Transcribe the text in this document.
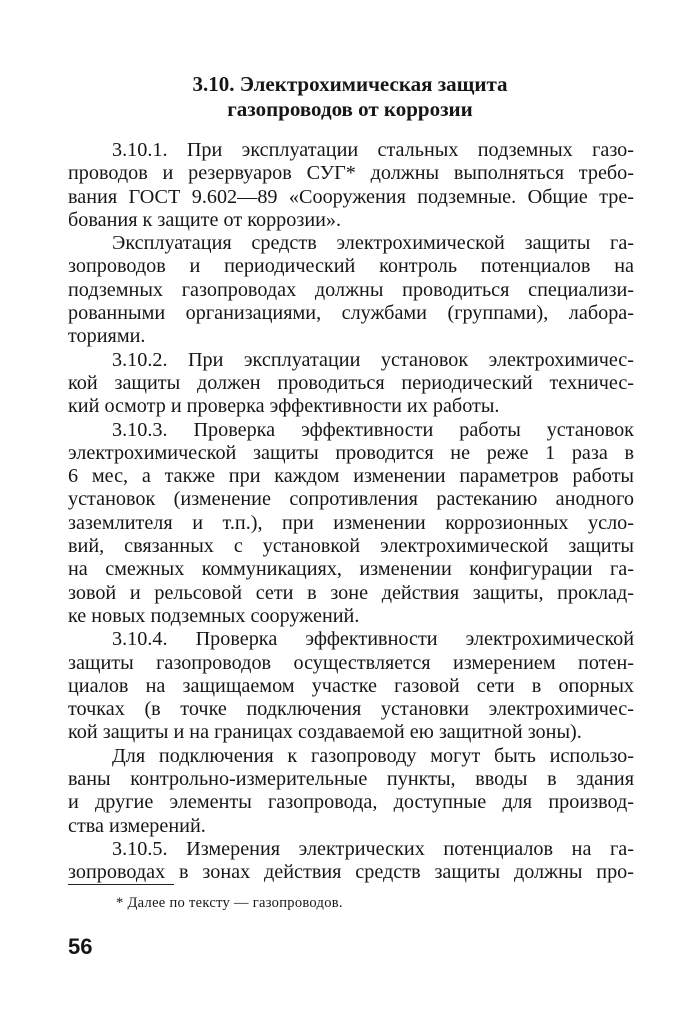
3.10. Электрохимическая защита
газопроводов от коррозии
3.10.1. При эксплуатации стальных подземных газо-
проводов и резервуаров СУГ* должны выполняться требо-
вания ГОСТ 9.602—89 «Сооружения подземные. Общие тре-
бования к защите от коррозии».
Эксплуатация средств электрохимической защиты га-
зопроводов и периодический контроль потенциалов на
подземных газопроводах должны проводиться специализи-
рованными организациями, службами (группами), лабора-
ториями.
3.10.2. При эксплуатации установок электрохимичес-
кой защиты должен проводиться периодический техничес-
кий осмотр и проверка эффективности их работы.
3.10.3. Проверка эффективности работы установок
электрохимической защиты проводится не реже 1 раза в
6 мес, а также при каждом изменении параметров работы
установок (изменение сопротивления растеканию анодного
заземлителя и т.п.), при изменении коррозионных усло-
вий, связанных с установкой электрохимической защиты
на смежных коммуникациях, изменении конфигурации га-
зовой и рельсовой сети в зоне действия защиты, проклад-
ке новых подземных сооружений.
3.10.4. Проверка эффективности электрохимической
защиты газопроводов осуществляется измерением потен-
циалов на защищаемом участке газовой сети в опорных
точках (в точке подключения установки электрохимичес-
кой защиты и на границах создаваемой ею защитной зоны).
Для подключения к газопроводу могут быть использо-
ваны контрольно-измерительные пункты, вводы в здания
и другие элементы газопровода, доступные для производ-
ства измерений.
3.10.5. Измерения электрических потенциалов на га-
зопроводах в зонах действия средств защиты должны про-
* Далее по тексту — газопроводов.
56
